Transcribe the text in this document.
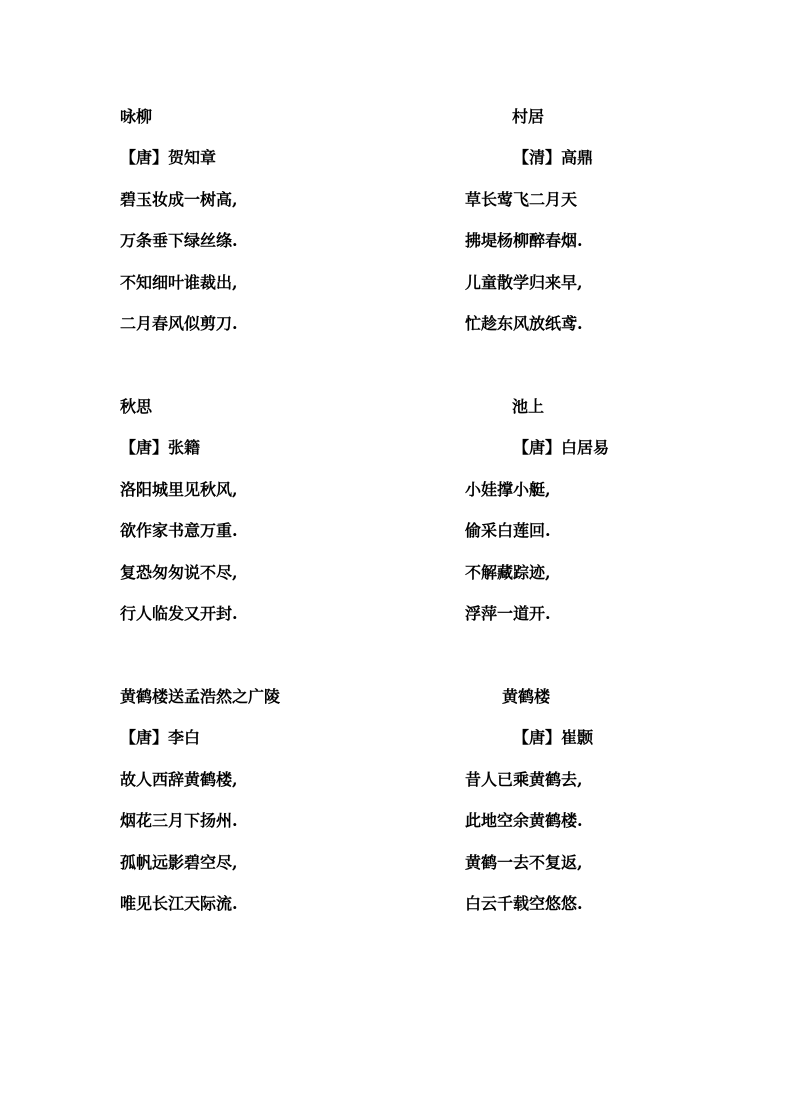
咏柳
【唐】贺知章
碧玉妆成一树高,
万条垂下绿丝绦.
不知细叶谁裁出,
二月春风似剪刀.
村居
【清】高鼎
草长莺飞二月天
拂堤杨柳醉春烟.
儿童散学归来早,
忙趁东风放纸鸢.
秋思
【唐】张籍
洛阳城里见秋风,
欲作家书意万重.
复恐匆匆说不尽,
行人临发又开封.
池上
【唐】白居易
小娃撑小艇,
偷采白莲回.
不解藏踪迹,
浮萍一道开.
黄鹤楼送孟浩然之广陵
【唐】李白
故人西辞黄鹤楼,
烟花三月下扬州.
孤帆远影碧空尽,
唯见长江天际流.
黄鹤楼
【唐】崔颢
昔人已乘黄鹤去,
此地空余黄鹤楼.
黄鹤一去不复返,
白云千载空悠悠.
